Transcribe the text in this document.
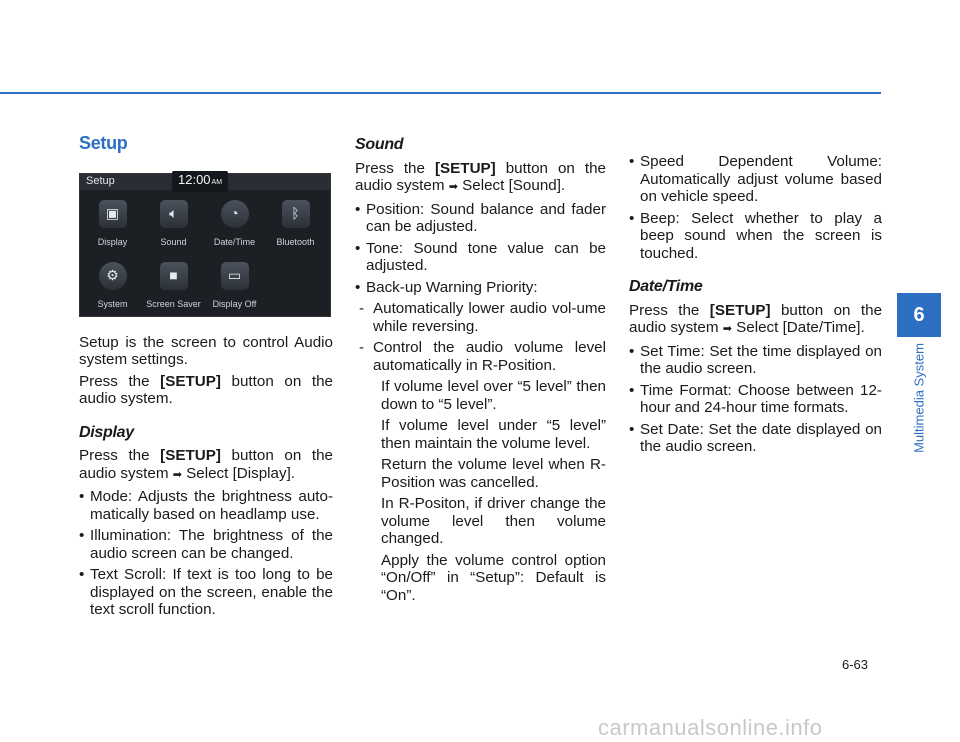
Setup
Setup	12:00AM
▣
Display
🔈︎
Sound
◔
Date/Time
ᛒ
Bluetooth
⚙
System
■
Screen Saver
▭
Display Off

Setup is the screen to control Audio system settings.

Press the [SETUP] button on the audio system.

Display

Press the [SETUP] button on the audio system ➡ Select [Display].

• Mode: Adjusts the brightness auto-matically based on headlamp use.
• Illumination: The brightness of the audio screen can be changed.
• Text Scroll: If text is too long to be displayed on the screen, enable the text scroll function.
Sound

Press the [SETUP] button on the audio system ➡ Select [Sound].

• Position: Sound balance and fader can be adjusted.
• Tone: Sound tone value can be adjusted.
• Back-up Warning Priority:
- Automatically lower audio vol-ume while reversing.
- Control the audio volume level automatically in R-Position.

If volume level over “5 level” then down to “5 level”.

If volume level under “5 level” then maintain the volume level.

Return the volume level when R-Position was cancelled.

In R-Positon, if driver change the volume level then volume changed.

Apply the volume control option “On/Off” in “Setup”: Default is “On”.

• Speed Dependent Volume: Automatically adjust volume based on vehicle speed.
• Beep: Select whether to play a beep sound when the screen is touched.
Date/Time

Press the [SETUP] button on the audio system ➡ Select [Date/Time].

• Set Time: Set the time displayed on the audio screen.
• Time Format: Choose between 12-hour and 24-hour time formats.
• Set Date: Set the date displayed on the audio screen.
6
Multimedia System
6-63
carmanualsonline.info
